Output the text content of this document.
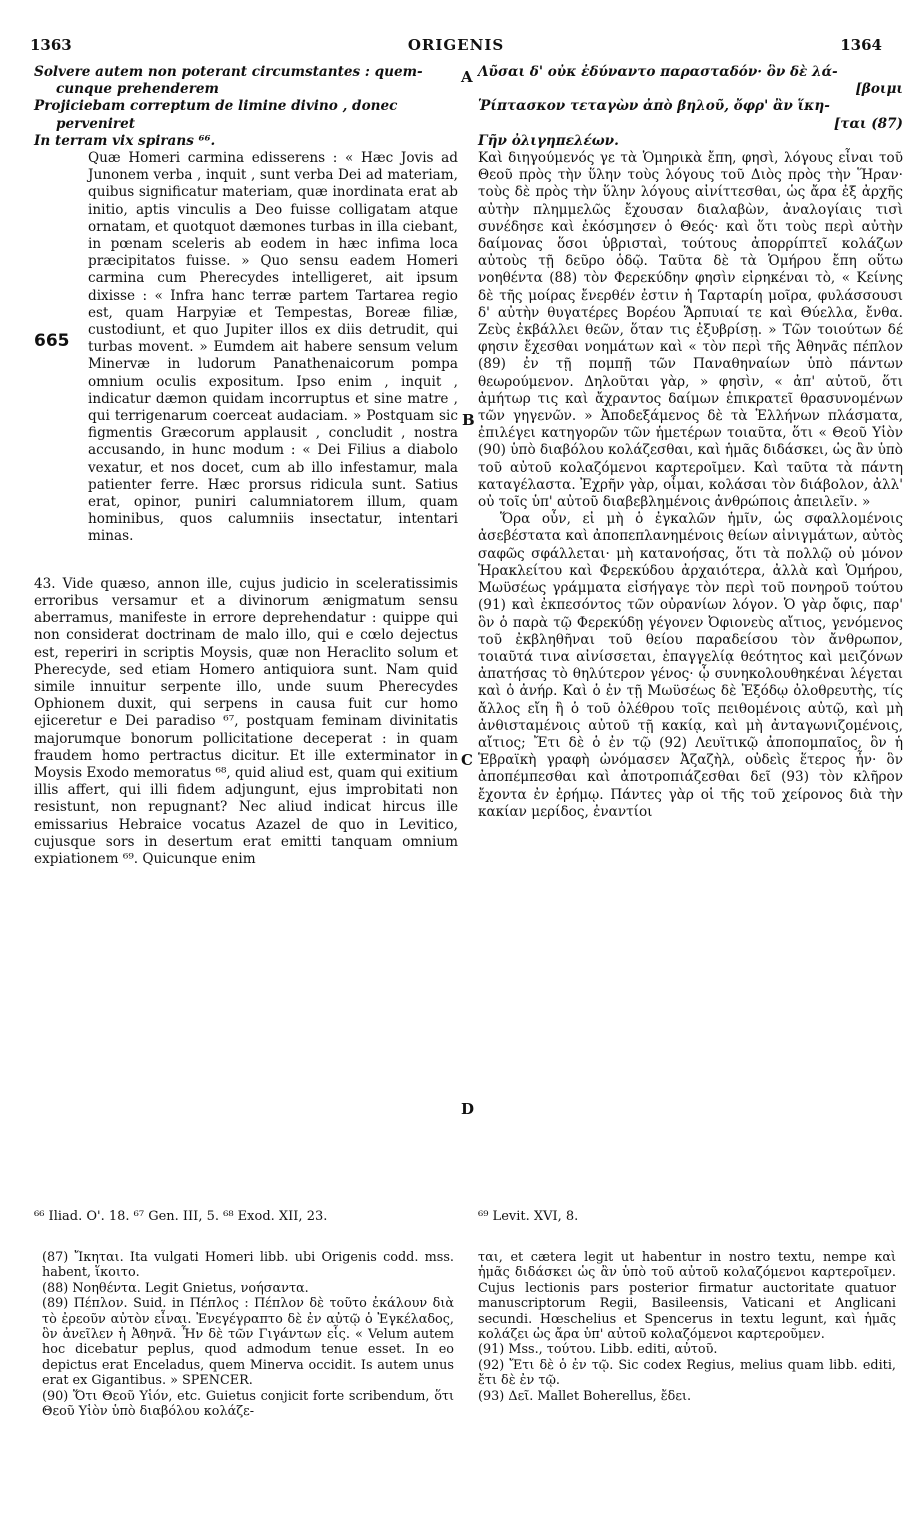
ORIGENIS
1363	1364
A
B
C
D

Solvere autem non poterant circumstantes : quem-

cunque prehenderem

Projiciebam correptum de limine divino , donec

perveniret

In terram vix spirans ⁶⁶.

Quæ Homeri carmina edisserens : « Hæc Jovis ad Junonem verba , inquit , sunt verba Dei ad materiam, quibus significatur materiam, quæ inordinata erat ab initio, aptis vinculis a Deo fuisse colligatam atque ornatam, et quotquot dæmones turbas in illa ciebant, in pœnam sceleris ab eodem in hæc infima loca præcipitatos fuisse. » Quo sensu eadem Homeri carmina cum Pherecydes intelligeret, ait ipsum dixisse : « Infra hanc terræ partem Tartarea regio est, quam Harpyiæ et Tempestas, Boreæ filiæ, custodiunt, et quo Jupiter illos ex diis detrudit, qui turbas movent. » Eumdem ait habere sensum velum Minervæ in ludorum Panathenaicorum pompa omnium oculis expositum. Ipso enim , inquit , indicatur dæmon quidam incorruptus et sine matre , qui terrigenarum coerceat audaciam. » Postquam sic figmentis Græcorum applausit , concludit , nostra accusando, in hunc modum : « Dei Filius a diabolo vexatur, et nos docet, cum ab illo infestamur, mala patienter ferre. Hæc prorsus ridicula sunt. Satius erat, opinor, puniri calumniatorem illum, quam hominibus, quos calumniis insectatur, intentari minas.

43. Vide quæso, annon ille, cujus judicio in sceleratissimis erroribus versamur et a divinorum ænigmatum sensu aberramus, manifeste in errore deprehendatur : quippe qui non considerat doctrinam de malo illo, qui e cœlo dejectus est, reperiri in scriptis Moysis, quæ non Heraclito solum et Pherecyde, sed etiam Homero antiquiora sunt. Nam quid simile innuitur serpente illo, unde suum Pherecydes Ophionem duxit, qui serpens in causa fuit cur homo ejiceretur e Dei paradiso ⁶⁷, postquam feminam divinitatis majorumque bonorum pollicitatione deceperat : in quam fraudem homo pertractus dicitur. Et ille exterminator in Moysis Exodo memoratus ⁶⁸, quid aliud est, quam qui exitium illis affert, qui illi fidem adjungunt, ejus improbitati non resistunt, non repugnant? Nec aliud indicat hircus ille emissarius Hebraice vocatus Azazel de quo in Levitico, cujusque sors in desertum erat emitti tanquam omnium expiationem ⁶⁹. Quicunque enim

665

Λῦσαι δ' οὐκ ἐδύναντο παρασταδόν· ὃν δὲ λά-

[βοιμι

Ῥίπτασκον τεταγὼν ἀπὸ βηλοῦ, ὄφρ' ἂν ἵκη-

[ται (87)

Γῆν ὀλιγηπελέων.

Καὶ διηγούμενός γε τὰ Ὁμηρικὰ ἔπη, φησὶ, λόγους εἶναι τοῦ Θεοῦ πρὸς τὴν ὕλην τοὺς λόγους τοῦ Διὸς πρὸς τὴν Ἥραν· τοὺς δὲ πρὸς τὴν ὕλην λόγους αἰνίττεσθαι, ὡς ἄρα ἐξ ἀρχῆς αὐτὴν πλημμελῶς ἔχουσαν διαλαβὼν, ἀναλογίαις τισὶ συνέδησε καὶ ἐκόσμησεν ὁ Θεός· καὶ ὅτι τοὺς περὶ αὐτὴν δαίμονας ὅσοι ὑβρισταὶ, τούτους ἀπορρίπτεῖ κολάζων αὐτοὺς τῇ δεῦρο ὁδῷ. Ταῦτα δὲ τὰ Ὁμήρου ἔπη οὕτω νοηθέντα (88) τὸν Φερεκύδην φησὶν εἰρηκέναι τὸ, « Κείνης δὲ τῆς μοίρας ἔνερθέν ἐστιν ἡ Ταρταρίη μοῖρα, φυλάσσουσι δ' αὐτὴν θυγατέρες Βορέου Ἅρπυιαί τε καὶ Θύελλα, ἔνθα. Ζεὺς ἐκβάλλει θεῶν, ὅταν τις ἐξυβρίσῃ. » Τῶν τοιούτων δέ φησιν ἔχεσθαι νοημάτων καὶ « τὸν περὶ τῆς Ἀθηνᾶς πέπλον (89) ἐν τῇ πομπῇ τῶν Παναθηναίων ὑπὸ πάντων θεωρούμενον. Δηλοῦται γὰρ, » φησὶν, « ἀπ' αὐτοῦ, ὅτι ἀμήτωρ τις καὶ ἄχραντος δαίμων ἐπικρατεῖ θρασυνομένων τῶν γηγενῶν. » Ἀποδεξάμενος δὲ τὰ Ἑλλήνων πλάσματα, ἐπιλέγει κατηγορῶν τῶν ἡμετέρων τοιαῦτα, ὅτι « Θεοῦ Υἱὸν (90) ὑπὸ διαβόλου κολάζεσθαι, καὶ ἡμᾶς διδάσκει, ὡς ἂν ὑπὸ τοῦ αὐτοῦ κολαζόμενοι καρτεροῖμεν. Καὶ ταῦτα τὰ πάντη καταγέλαστα. Ἐχρῆν γὰρ, οἶμαι, κολάσαι τὸν διάβολον, ἀλλ' οὐ τοῖς ὑπ' αὐτοῦ διαβεβλημένοις ἀνθρώποις ἀπειλεῖν. »

Ὅρα οὖν, εἰ μὴ ὁ ἐγκαλῶν ἡμῖν, ὡς σφαλλομένοις ἀσεβέστατα καὶ ἀποπεπλανημένοις θείων αἰνιγμάτων, αὐτὸς σαφῶς σφάλλεται· μὴ κατανοήσας, ὅτι τὰ πολλῷ οὐ μόνον Ἡρακλείτου καὶ Φερεκύδου ἀρχαιότερα, ἀλλὰ καὶ Ὁμήρου, Μωϋσέως γράμματα εἰσήγαγε τὸν περὶ τοῦ πονηροῦ τούτου (91) καὶ ἐκπεσόντος τῶν οὐρανίων λόγον. Ὁ γὰρ ὄφις, παρ' ὃν ὁ παρὰ τῷ Φερεκύδῃ γέγονεν Ὀφιονεὺς αἴτιος, γενόμενος τοῦ ἐκβληθῆναι τοῦ θείου παραδείσου τὸν ἄνθρωπον, τοιαῦτά τινα αἰνίσσεται, ἐπαγγελίᾳ θεότητος καὶ μειζόνων ἀπατήσας τὸ θηλύτερον γένος· ᾧ συνηκολουθηκέναι λέγεται καὶ ὁ ἀνήρ. Καὶ ὁ ἐν τῇ Μωϋσέως δὲ Ἐξόδῳ ὀλοθρευτὴς, τίς ἄλλος εἴη ἢ ὁ τοῦ ὀλέθρου τοῖς πειθομένοις αὐτῷ, καὶ μὴ ἀνθισταμένοις αὐτοῦ τῇ κακίᾳ, καὶ μὴ ἀνταγωνιζομένοις, αἴτιος; Ἔτι δὲ ὁ ἐν τῷ (92) Λευϊτικῷ ἀποπομπαῖος, ὃν ἡ Ἑβραϊκὴ γραφὴ ὠνόμασεν Ἀζαζὴλ, οὐδεὶς ἕτερος ἦν· ὃν ἀποπέμπεσθαι καὶ ἀποτροπιάζεσθαι δεῖ (93) τὸν κλῆρον ἔχοντα ἐν ἐρήμῳ. Πάντες γὰρ οἱ τῆς τοῦ χείρονος διὰ τὴν κακίαν μερίδος, ἐναντίοι

⁶⁶ Iliad. Ο'. 18. ⁶⁷ Gen. III, 5. ⁶⁸ Exod. XII, 23.	⁶⁹ Levit. XVI, 8.

(87) Ἴκηται. Ita vulgati Homeri libb. ubi Origenis codd. mss. habent, ἵκοιτο.

(88) Νοηθέντα. Legit Gnietus, νοήσαντα.

(89) Πέπλον. Suid. in Πέπλος : Πέπλον δὲ τοῦτο ἐκάλουν διὰ τὸ ἐρεοῦν αὐτὸν εἶναι. Ἐνεγέγραπτο δὲ ἐν αὐτῷ ὁ Ἐγκέλαδος, ὃν ἀνεῖλεν ἡ Ἀθηνᾶ. Ἦν δὲ τῶν Γιγάντων εἷς. « Velum autem hoc dicebatur peplus, quod admodum tenue esset. In eo depictus erat Enceladus, quem Minerva occidit. Is autem unus erat ex Gigantibus. » SPENCER.

(90) Ὅτι Θεοῦ Υἱόν, etc. Guietus conjicit forte scribendum, ὅτι Θεοῦ Υἱὸν ὑπὸ διαβόλου κολάζε-

ται, et cætera legit ut habentur in nostro textu, nempe καὶ ἡμᾶς διδάσκει ὡς ἂν ὑπὸ τοῦ αὐτοῦ κολαζόμενοι καρτεροῖμεν. Cujus lectionis pars posterior firmatur auctoritate quatuor manuscriptorum Regii, Basileensis, Vaticani et Anglicani secundi. Hœschelius et Spencerus in textu legunt, καὶ ἡμᾶς κολάζει ὡς ἄρα ὑπ' αὐτοῦ κολαζόμενοι καρτεροῦμεν.

(91) Mss., τούτου. Libb. editi, αὐτοῦ.

(92) Ἔτι δὲ ὁ ἐν τῷ. Sic codex Regius, melius quam libb. editi, ἔτι δὲ ἐν τῷ.

(93) Δεῖ. Mallet Boherellus, ἔδει.
